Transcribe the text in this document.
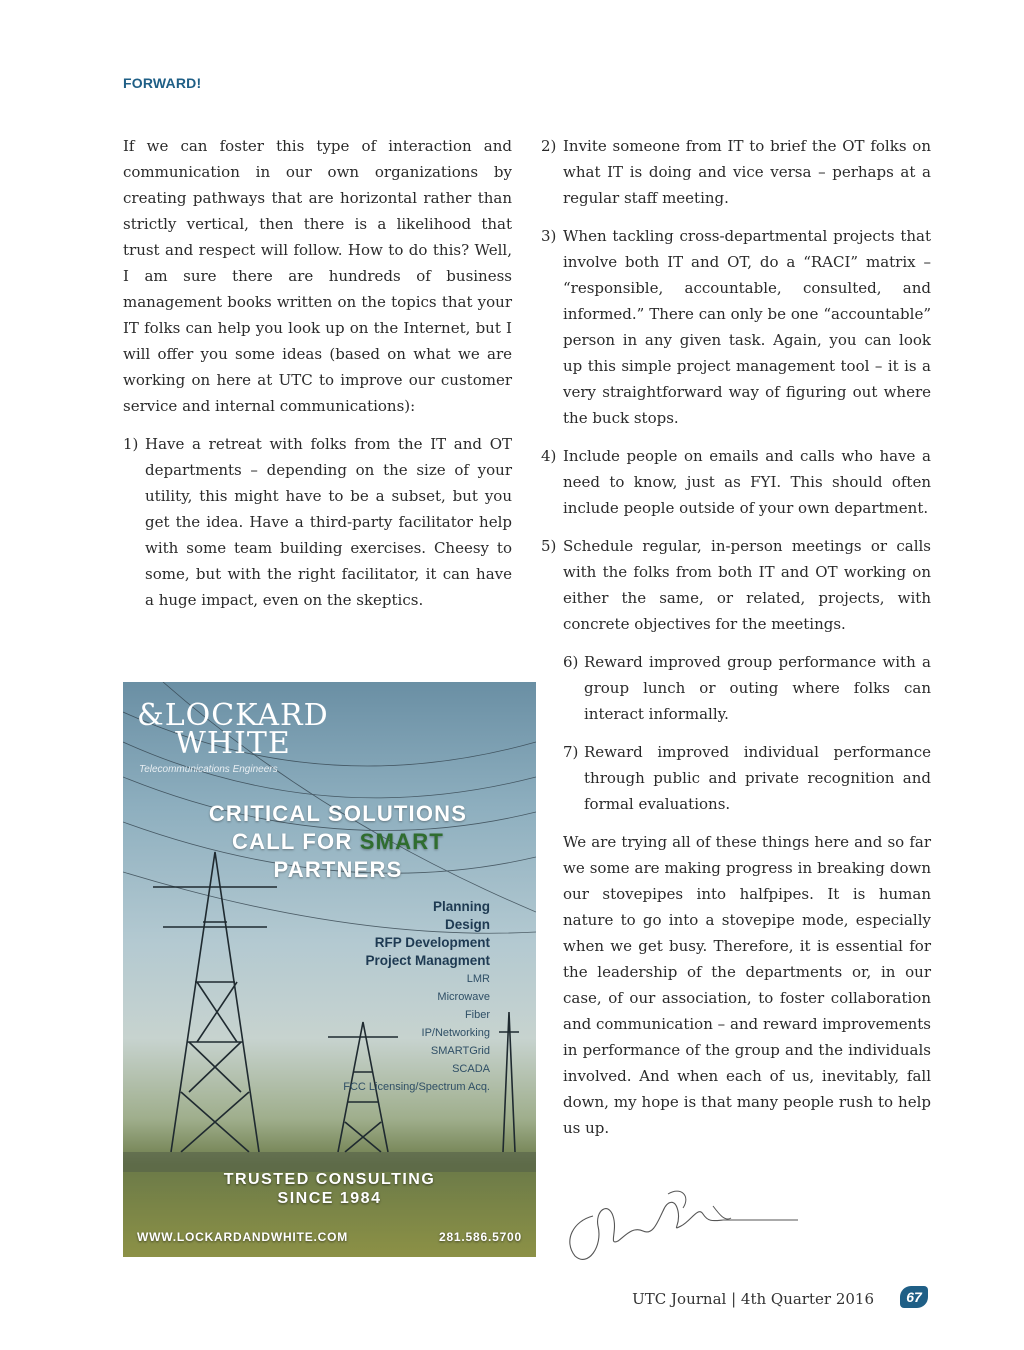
FORWARD!

If we can foster this type of interaction and communication in our own organizations by creating pathways that are horizontal rather than strictly vertical, then there is a likelihood that trust and respect will follow. How to do this? Well, I am sure there are hundreds of business management books written on the topics that your IT folks can help you look up on the Internet, but I will offer you some ideas (based on what we are working on here at UTC to improve our customer service and internal communications):

1) Have a retreat with folks from the IT and OT departments – depending on the size of your utility, this might have to be a subset, but you get the idea. Have a third-party facilitator help with some team building exercises. Cheesy to some, but with the right facilitator, it can have a huge impact, even on the skeptics.
2) Invite someone from IT to brief the OT folks on what IT is doing and vice versa – perhaps at a regular staff meeting.
3) When tackling cross-departmental projects that involve both IT and OT, do a “RACI” matrix – “responsible, accountable, consulted, and informed.” There can only be one “accountable” person in any given task. Again, you can look up this simple project management tool – it is a very straightforward way of figuring out where the buck stops.
4) Include people on emails and calls who have a need to know, just as FYI. This should often include people outside of your own department.
5) Schedule regular, in-person meetings or calls with the folks from both IT and OT working on either the same, or related, projects, with concrete objectives for the meetings.
6) Reward improved group performance with a group lunch or outing where folks can interact informally.
7) Reward improved individual performance through public and private recognition and formal evaluations.

We are trying all of these things here and so far we some are making progress in breaking down our stovepipes into halfpipes. It is human nature to go into a stovepipe mode, especially when we get busy. Therefore, it is essential for the leadership of the departments or, in our case, of our association, to foster collaboration and communication – and reward improvements in performance of the group and the individuals involved. And when each of us, inevitably, fall down, my hope is that many people rush to help us up.

&LOCKARD
WHITE
Telecommunications Engineers
CRITICAL SOLUTIONS
CALL FOR SMART
PARTNERS
Planning
Design
RFP Development
Project Managment
LMR
Microwave
Fiber
IP/Networking
SMARTGrid
SCADA
FCC Licensing/Spectrum Acq.
TRUSTED CONSULTING
SINCE 1984
WWW.LOCKARDANDWHITE.COM	281.586.5700
UTC Journal | 4th Quarter 2016	67
